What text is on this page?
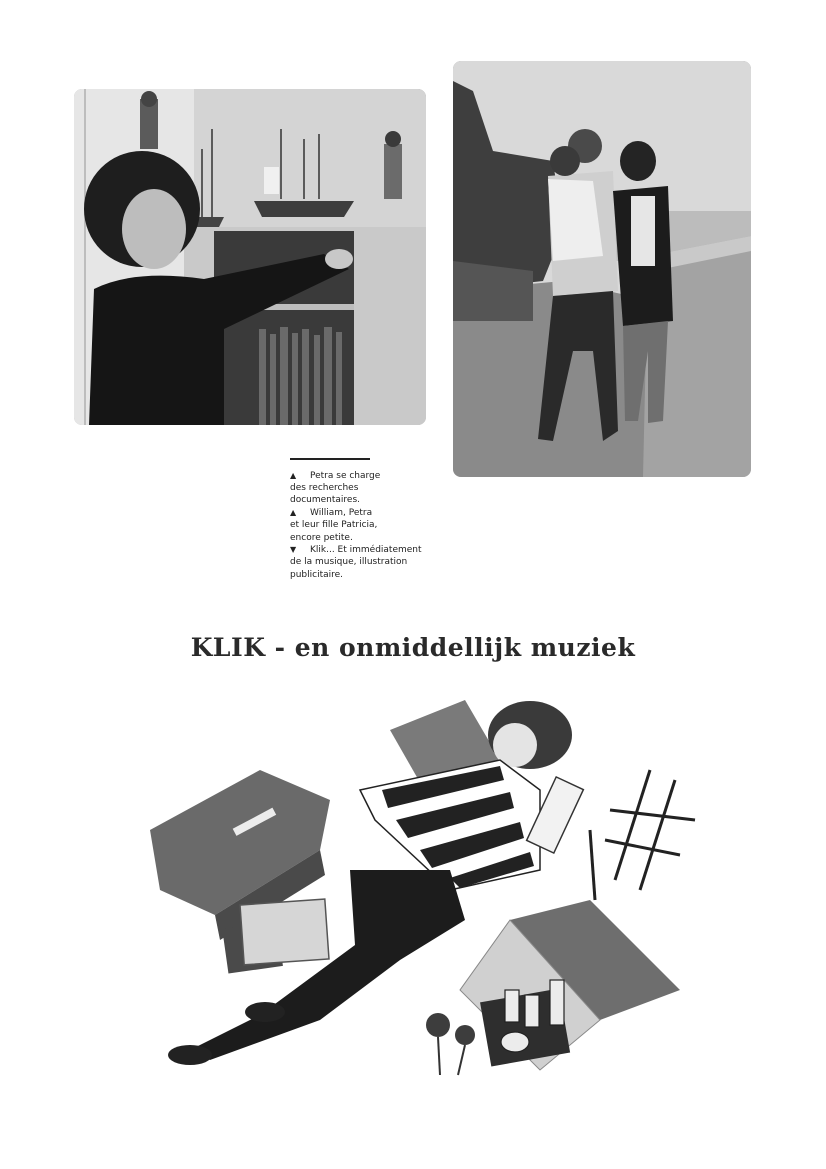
▲	Petra se charge
des recherches
documentaires.
▲	William, Petra
et leur fille Patricia,
encore petite.
▼	Klik... Et immédiatement
de la musique, illustration
publicitaire.
KLIK - en onmiddellijk muziek
